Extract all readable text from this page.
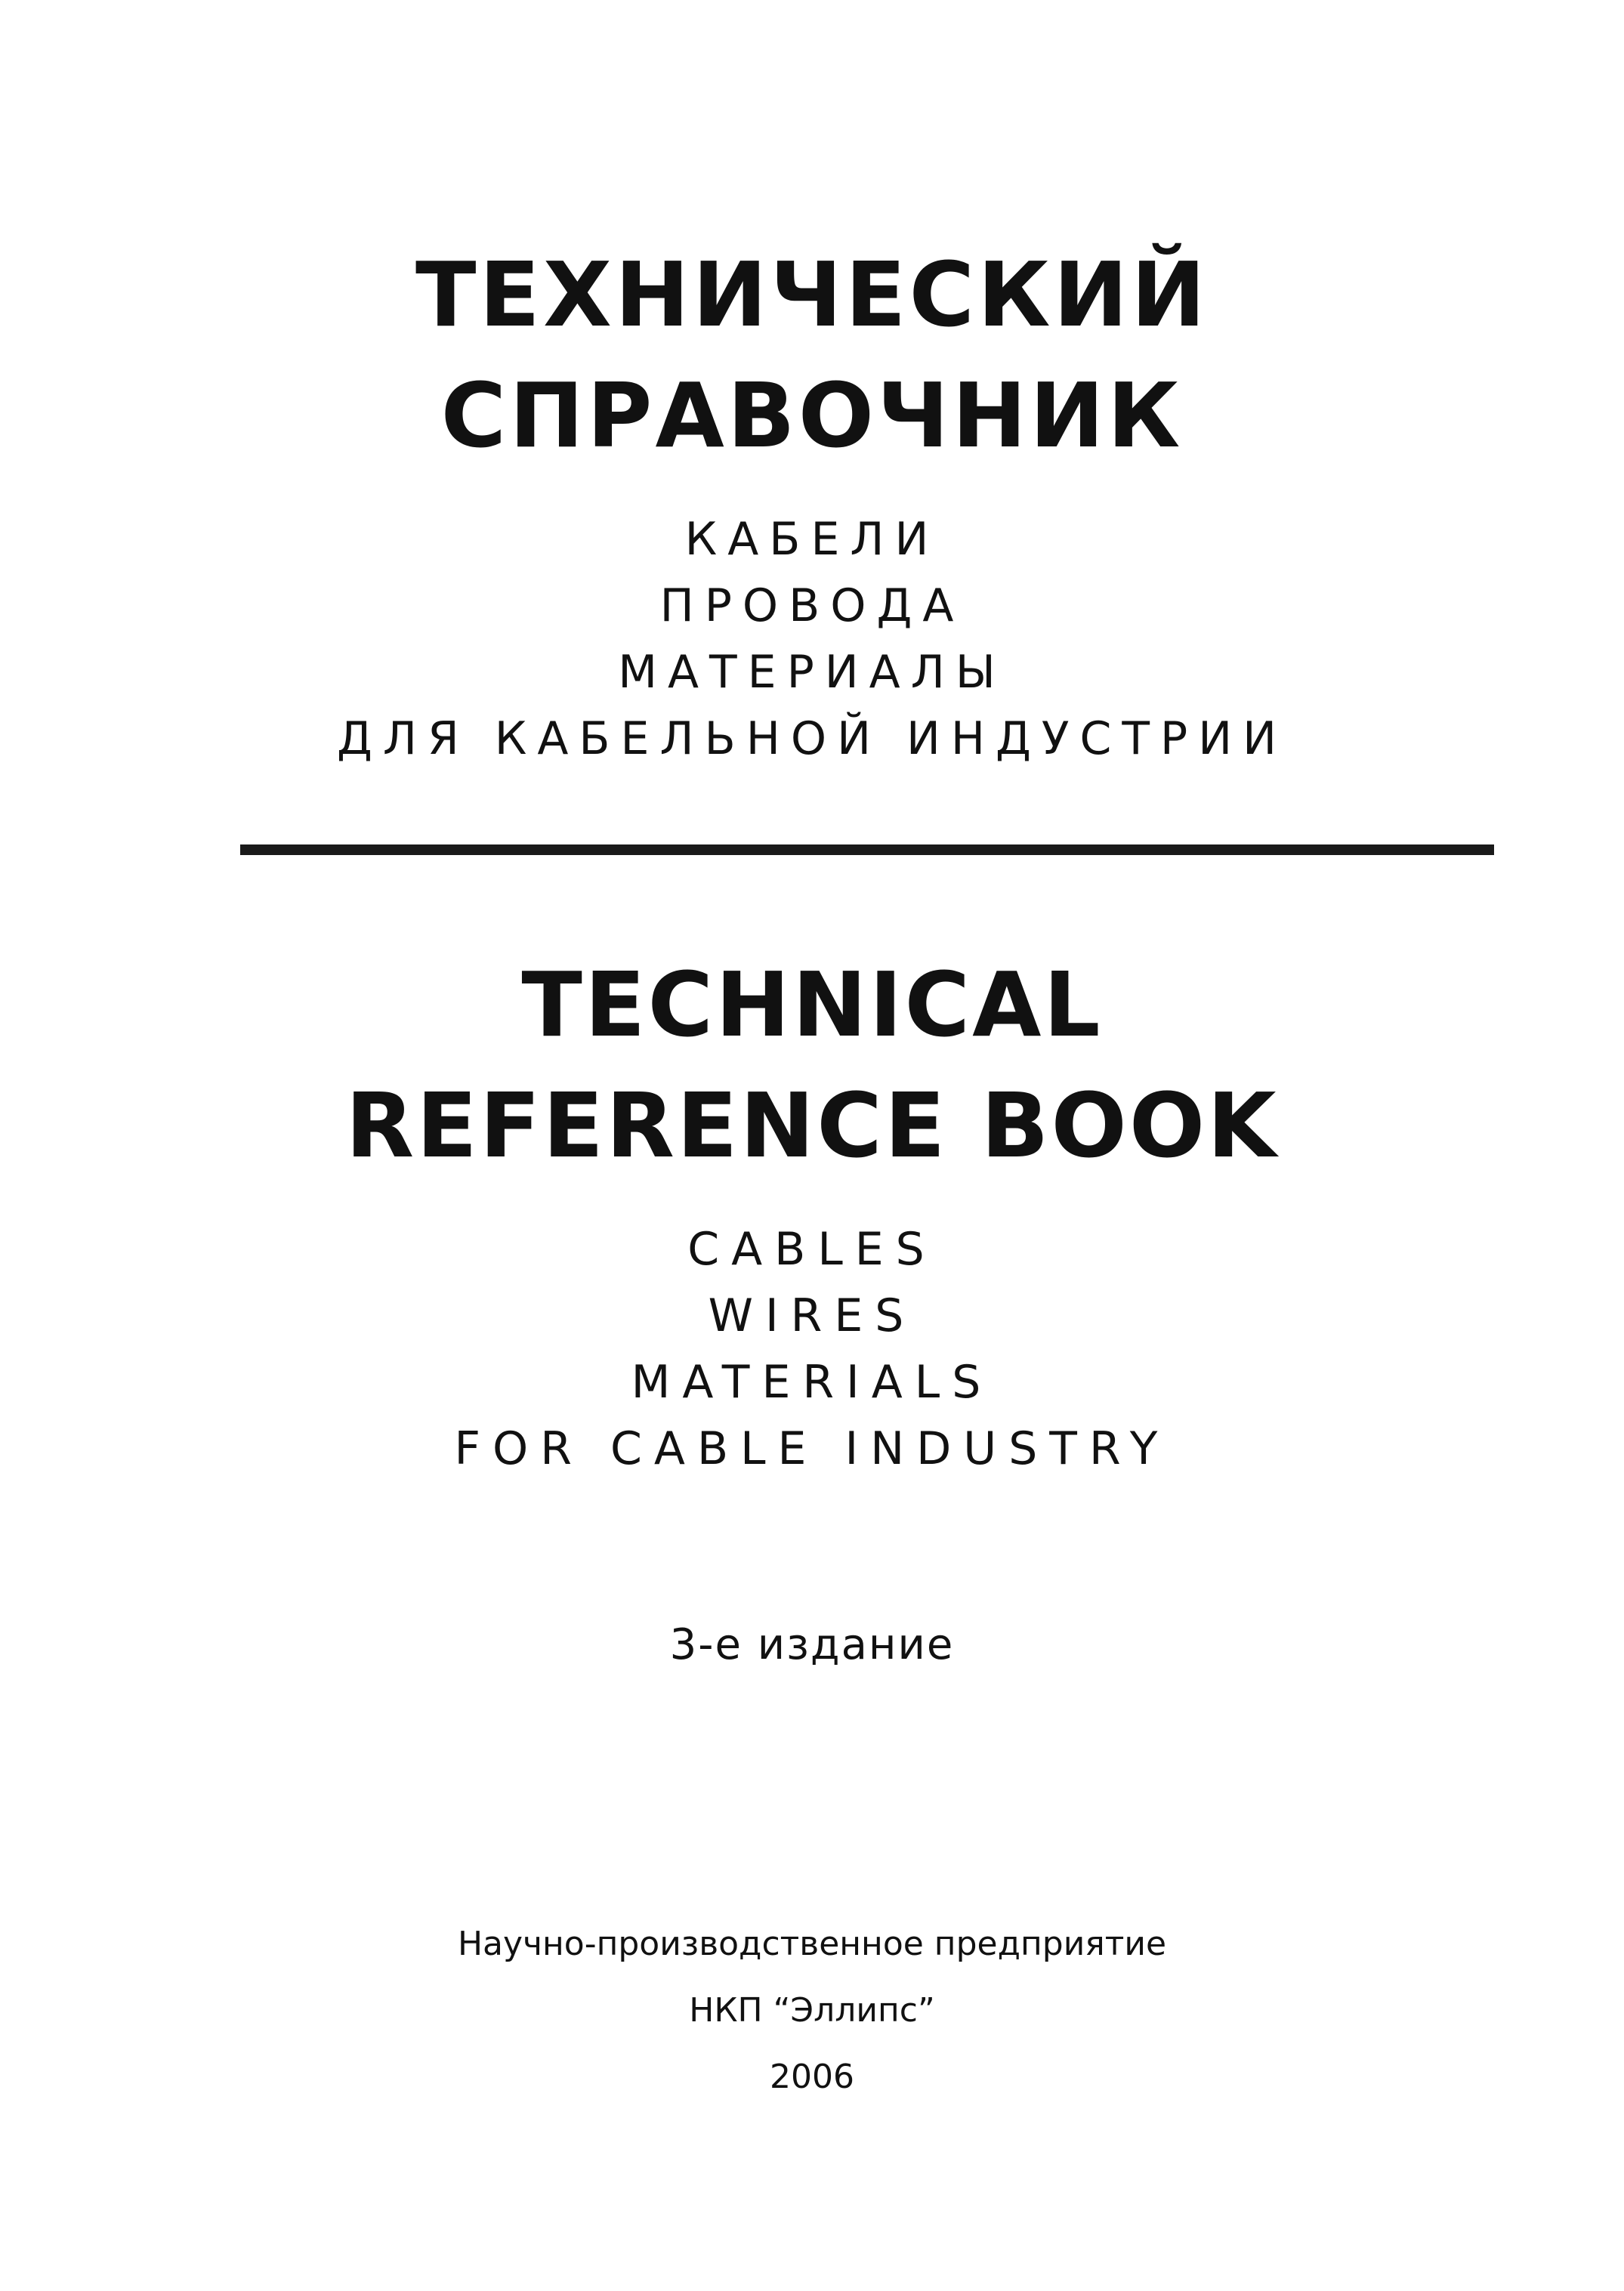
ТЕХНИЧЕСКИЙ
СПРАВОЧНИК
КАБЕЛИ
ПРОВОДА
МАТЕРИАЛЫ
ДЛЯ КАБЕЛЬНОЙ ИНДУСТРИИ
TECHNICAL
REFERENCE BOOK
CABLES
WIRES
MATERIALS
FOR CABLE INDUSTRY
3-е издание
Научно-производственное предприятие
НКП “Эллипс”
2006
